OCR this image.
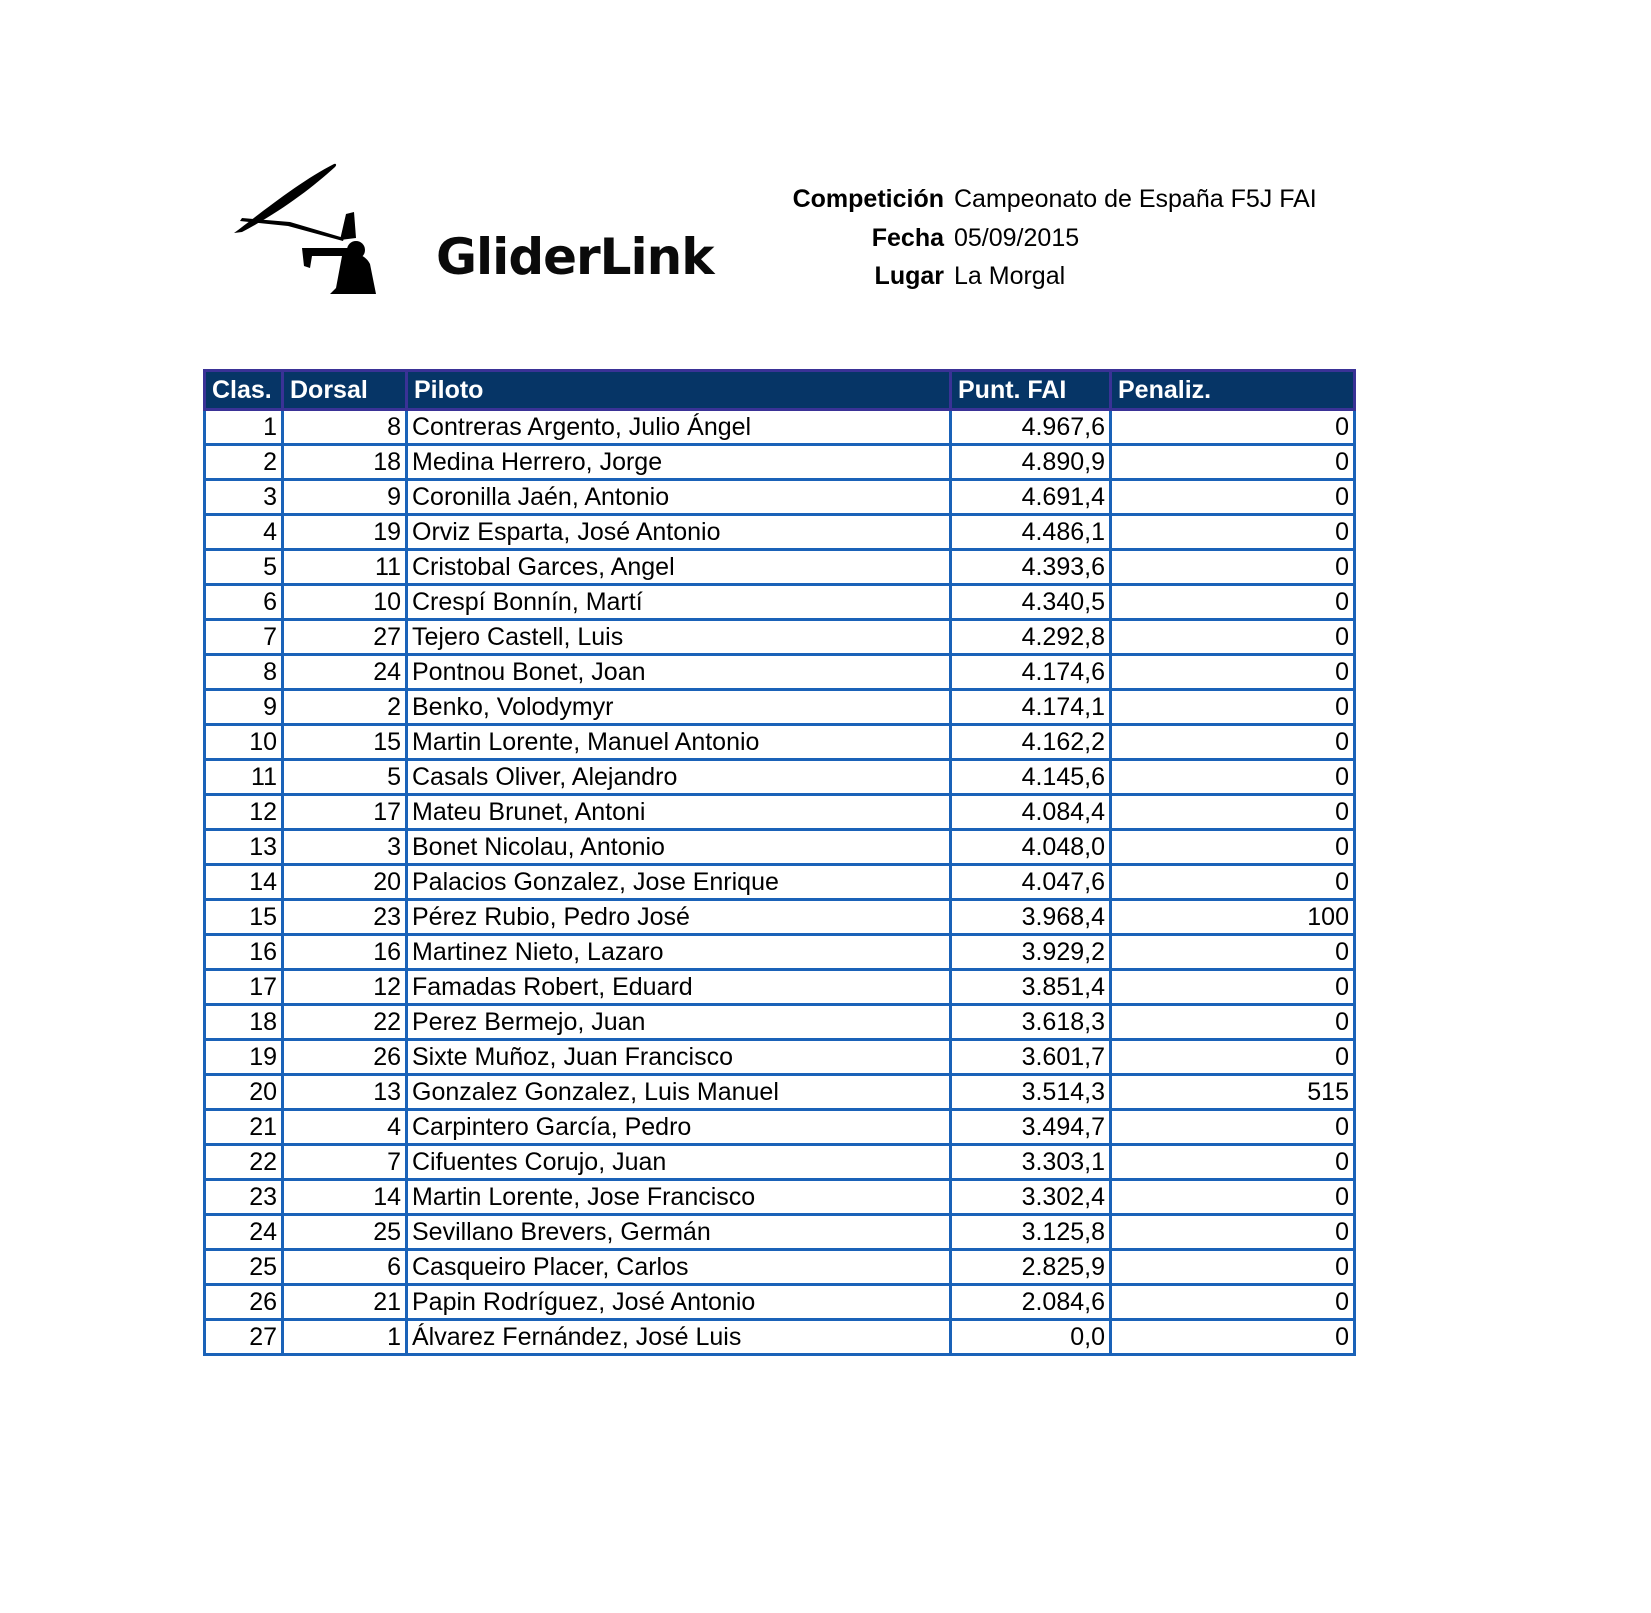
GliderLink
Competición Campeonato de España F5J FAI
Fecha 05/09/2015
Lugar La Morgal
Clas.	Dorsal	Piloto	Punt. FAI	Penaliz.
1	8	Contreras Argento, Julio Ángel	4.967,6	0
2	18	Medina Herrero, Jorge	4.890,9	0
3	9	Coronilla Jaén, Antonio	4.691,4	0
4	19	Orviz Esparta, José Antonio	4.486,1	0
5	11	Cristobal Garces, Angel	4.393,6	0
6	10	Crespí Bonnín, Martí	4.340,5	0
7	27	Tejero Castell, Luis	4.292,8	0
8	24	Pontnou Bonet, Joan	4.174,6	0
9	2	Benko, Volodymyr	4.174,1	0
10	15	Martin Lorente, Manuel Antonio	4.162,2	0
11	5	Casals Oliver, Alejandro	4.145,6	0
12	17	Mateu Brunet, Antoni	4.084,4	0
13	3	Bonet Nicolau, Antonio	4.048,0	0
14	20	Palacios Gonzalez, Jose Enrique	4.047,6	0
15	23	Pérez Rubio, Pedro José	3.968,4	100
16	16	Martinez Nieto, Lazaro	3.929,2	0
17	12	Famadas Robert, Eduard	3.851,4	0
18	22	Perez Bermejo, Juan	3.618,3	0
19	26	Sixte Muñoz, Juan Francisco	3.601,7	0
20	13	Gonzalez Gonzalez, Luis Manuel	3.514,3	515
21	4	Carpintero García, Pedro	3.494,7	0
22	7	Cifuentes Corujo, Juan	3.303,1	0
23	14	Martin Lorente, Jose Francisco	3.302,4	0
24	25	Sevillano Brevers, Germán	3.125,8	0
25	6	Casqueiro Placer, Carlos	2.825,9	0
26	21	Papin Rodríguez, José Antonio	2.084,6	0
27	1	Álvarez Fernández, José Luis	0,0	0
